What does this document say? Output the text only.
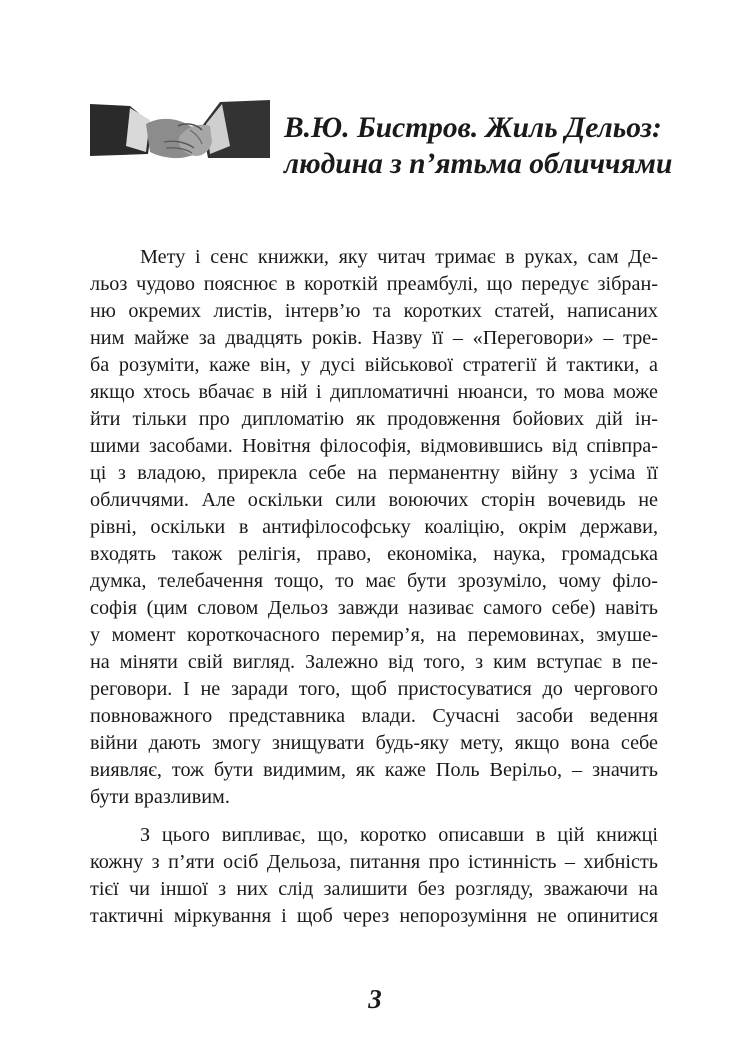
В.Ю. Бистров. Жиль Дельоз:
людина з п’ятьма обличчями
Мету і сенс книжки, яку читач тримає в руках, сам Де-
льоз чудово пояснює в короткій преамбулі, що передує зібран-
ню окремих листів, інтерв’ю та коротких статей, написаних
ним майже за двадцять років. Назву її – «Переговори» – тре-
ба розуміти, каже він, у дусі військової стратегії й тактики, а
якщо хтось вбачає в ній і дипломатичні нюанси, то мова може
йти тільки про дипломатію як продовження бойових дій ін-
шими засобами. Новітня філософія, відмовившись від співпра-
ці з владою, прирекла себе на перманентну війну з усіма її
обличчями. Але оскільки сили воюючих сторін вочевидь не
рівні, оскільки в антифілософську коаліцію, окрім держави,
входять також релігія, право, економіка, наука, громадська
думка, телебачення тощо, то має бути зрозуміло, чому філо-
софія (цим словом Дельоз завжди називає самого себе) навіть
у момент короткочасного перемир’я, на перемовинах, змуше-
на міняти свій вигляд. Залежно від того, з ким вступає в пе-
реговори. І не заради того, щоб пристосуватися до чергового
повноважного представника влади. Сучасні засоби ведення
війни дають змогу знищувати будь-яку мету, якщо вона себе
виявляє, тож бути видимим, як каже Поль Верільо, – значить
бути вразливим.
З цього випливає, що, коротко описавши в цій книжці
кожну з п’яти осіб Дельоза, питання про істинність – хибність
тієї чи іншої з них слід залишити без розгляду, зважаючи на
тактичні міркування і щоб через непорозуміння не опинитися
3
